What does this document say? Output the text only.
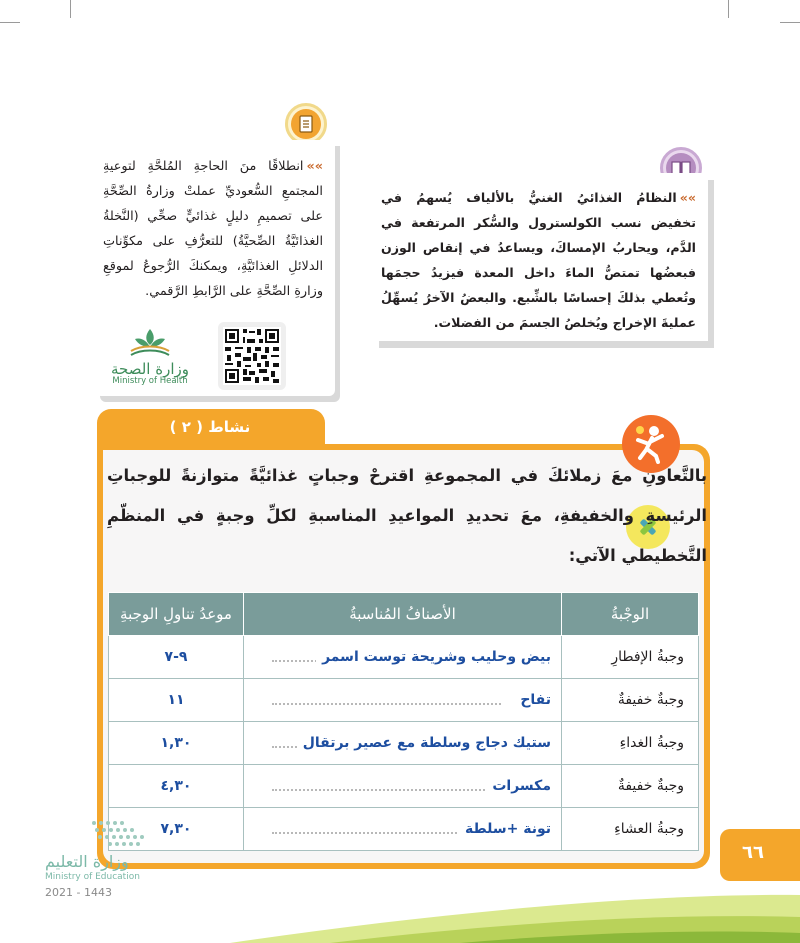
»»النظامُ الغذائيُ الغنيُّ بالألياف يُسهمُ في تخفيض نسب الكولسترول والسُّكر المرتفعة في الدَّم، ويحاربُ الإمساكَ، ويساعدُ في إنقاص الوزن فبعضُها تمتصُّ الماءَ داخل المعدة فيزيدُ حجمَها وتُعطي بذلكَ إحساسًا بالشِّبع. والبعضُ الآخرُ يُسهِّلُ عمليةَ الإخراج ويُخلصُ الجسمَ من الفضلات.
»»انطلاقًا منَ الحاجةِ المُلحَّةِ لتوعيةِ المجتمعِ السُّعوديِّ عملتْ وزارةُ الصِّحَّةِ على تصميمِ دليلٍ غذائيٍّ صحِّي (النَّخلةُ الغذائيَّةُ الصِّحيَّةُ) للتعرُّفِ على مكوِّناتِ الدلائلِ الغذائيَّةِ، ويمكنكَ الرُّجوعُ لموقعِ وزارةِ الصِّحَّةِ على الرَّابطِ الرَّقمي.
وزارة الصحة
Ministry of Health
نشاط ( ٢ )
بالتَّعاونِ معَ زملائكَ في المجموعةِ اقترحْ وجباتٍ غذائيَّةً متوازنةً للوجباتِ الرئيسةِ والخفيفةِ، معَ تحديدِ المواعيدِ المناسبةِ لكلِّ وجبةٍ في المنظّمِ التَّخطيطي الآتي:
الوجْبةُ	الأصنافُ المُناسبةُ	موعدُ تناولِ الوجبةِ
وجبةُ الإفطارِ	بيض وحليب وشريحة توست اسمر	٩-٧
وجبةٌ خفيفةٌ	تفاح	١١
وجبةُ الغداءِ	ستيك دجاج وسلطة مع عصير برتقال	١,٣٠
وجبةٌ خفيفةٌ	مكسرات	٤,٣٠
وجبةُ العشاءِ	تونة +سلطة	٧,٣٠
٦٦
وزارة التعليم
Ministry of Education
2021 - 1443
